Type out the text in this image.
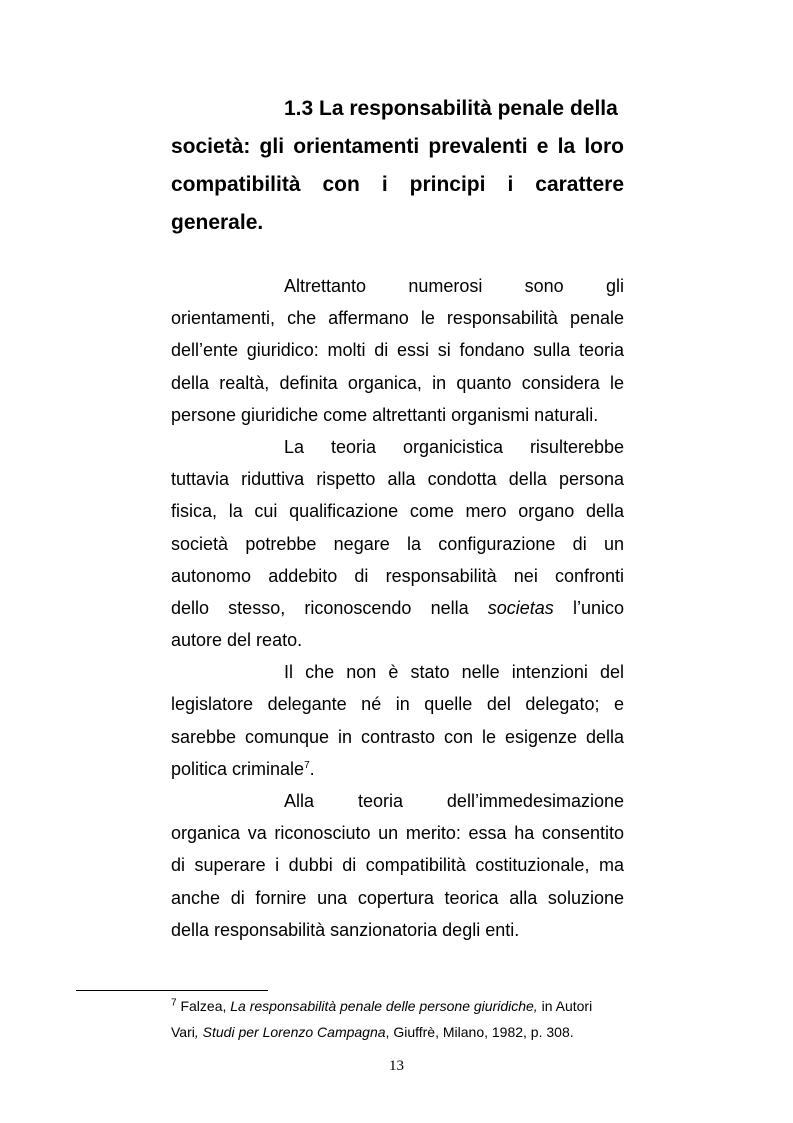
1.3 La responsabilità penale della
società: gli orientamenti prevalenti e la loro
compatibilità con i principi i carattere
generale.
Altrettanto numerosi sono gli
orientamenti, che affermano le responsabilità penale
dell’ente giuridico: molti di essi si fondano sulla teoria
della realtà, definita organica, in quanto considera le
persone giuridiche come altrettanti organismi naturali.
La teoria organicistica risulterebbe
tuttavia riduttiva rispetto alla condotta della persona
fisica, la cui qualificazione come mero organo della
società potrebbe negare la configurazione di un
autonomo addebito di responsabilità nei confronti
dello stesso, riconoscendo nella societas l’unico
autore del reato.
Il che non è stato nelle intenzioni del
legislatore delegante né in quelle del delegato; e
sarebbe comunque in contrasto con le esigenze della
politica criminale$^7$.
Alla teoria dell’immedesimazione
organica va riconosciuto un merito: essa ha consentito
di superare i dubbi di compatibilità costituzionale, ma
anche di fornire una copertura teorica alla soluzione
della responsabilità sanzionatoria degli enti.
$^7$ Falzea, La responsabilità penale delle persone giuridiche, in Autori
Vari, Studi per Lorenzo Campagna, Giuffrè, Milano, 1982, p. 308.
13
